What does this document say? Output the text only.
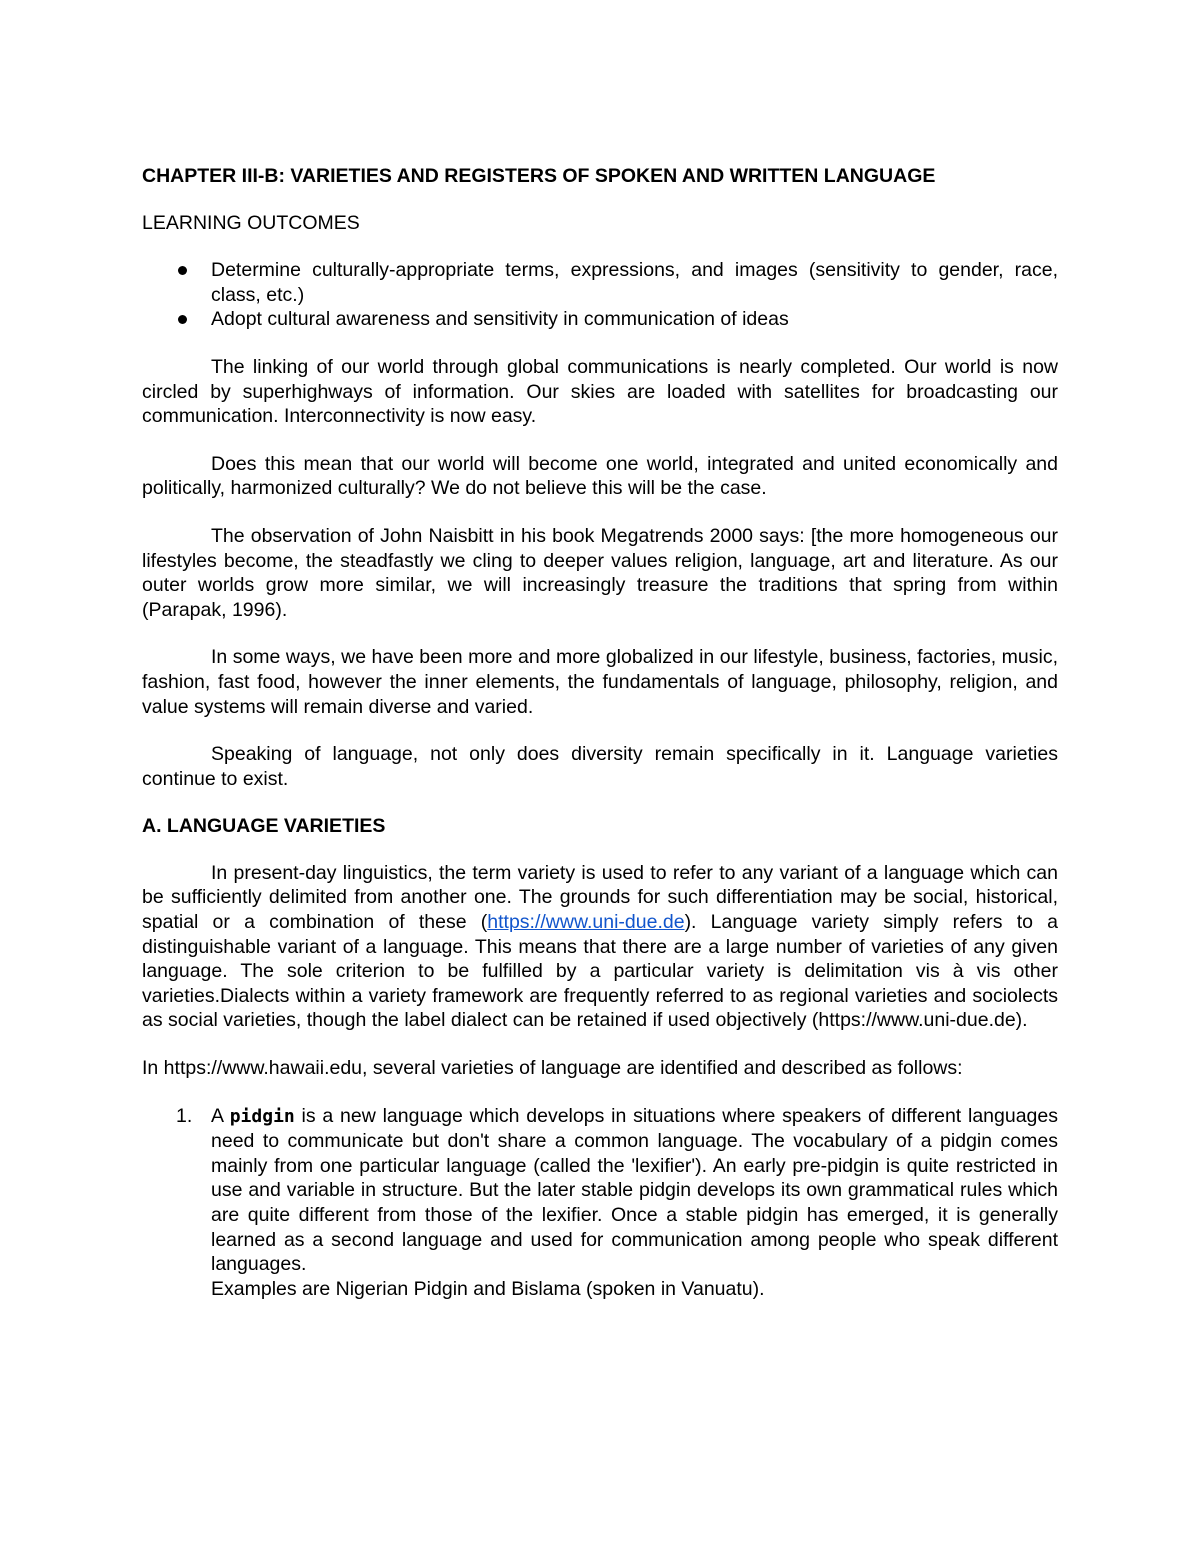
CHAPTER III-B: VARIETIES AND REGISTERS OF SPOKEN AND WRITTEN LANGUAGE
LEARNING OUTCOMES
Determine culturally-appropriate terms, expressions, and images (sensitivity to gender, race, class, etc.)
Adopt cultural awareness and sensitivity in communication of ideas

The linking of our world through global communications is nearly completed. Our world is now circled by superhighways of information. Our skies are loaded with satellites for broadcasting our communication. Interconnectivity is now easy.

Does this mean that our world will become one world, integrated and united economically and politically, harmonized culturally? We do not believe this will be the case.

The observation of John Naisbitt in his book Megatrends 2000 says: [the more homogeneous our lifestyles become, the steadfastly we cling to deeper values religion, language, art and literature. As our outer worlds grow more similar, we will increasingly treasure the traditions that spring from within (Parapak, 1996).

In some ways, we have been more and more globalized in our lifestyle, business, factories, music, fashion, fast food, however the inner elements, the fundamentals of language, philosophy, religion, and value systems will remain diverse and varied.

Speaking of language, not only does diversity remain specifically in it. Language varieties continue to exist.

A. LANGUAGE VARIETIES

In present-day linguistics, the term variety is used to refer to any variant of a language which can be sufficiently delimited from another one. The grounds for such differentiation may be social, historical, spatial or a combination of these (https://www.uni-due.de). Language variety simply refers to a distinguishable variant of a language. This means that there are a large number of varieties of any given language. The sole criterion to be fulfilled by a particular variety is delimitation vis à vis other varieties.Dialects within a variety framework are frequently referred to as regional varieties and sociolects as social varieties, though the label dialect can be retained if used objectively (https://www.uni-due.de).

In https://www.hawaii.edu, several varieties of language are identified and described as follows:

1. A pidgin is a new language which develops in situations where speakers of different languages need to communicate but don't share a common language. The vocabulary of a pidgin comes mainly from one particular language (called the 'lexifier'). An early pre-pidgin is quite restricted in use and variable in structure. But the later stable pidgin develops its own grammatical rules which are quite different from those of the lexifier. Once a stable pidgin has emerged, it is generally learned as a second language and used for communication among people who speak different languages.
Examples are Nigerian Pidgin and Bislama (spoken in Vanuatu).
